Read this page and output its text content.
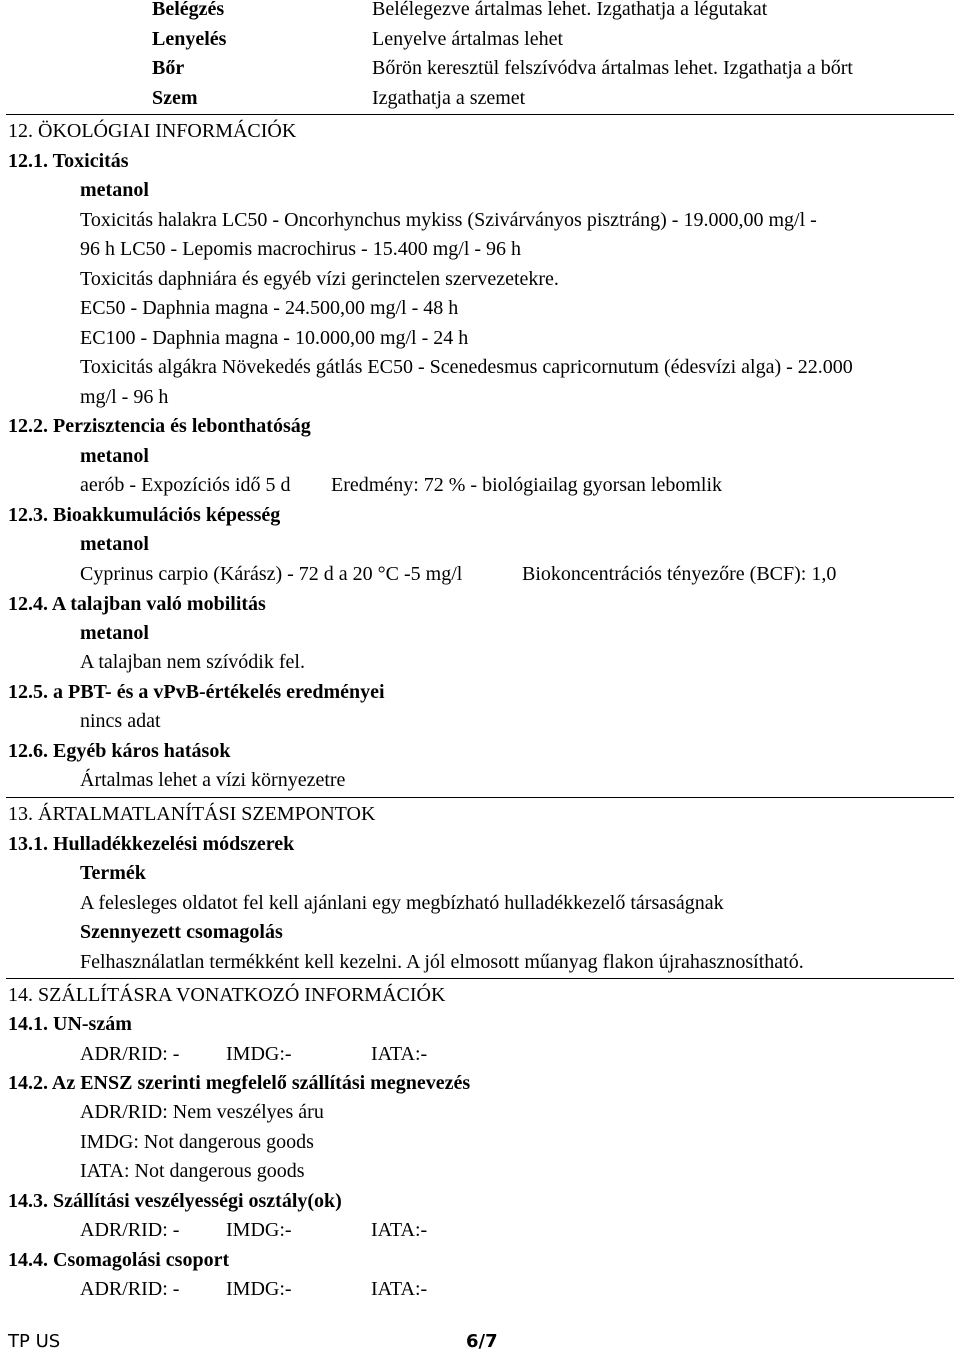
Belégzés	Belélegezve ártalmas lehet. Izgathatja a légutakat
Lenyelés	Lenyelve ártalmas lehet
Bőr	Bőrön keresztül felszívódva ártalmas lehet. Izgathatja a bőrt
Szem	Izgathatja a szemet
12. ÖKOLÓGIAI INFORMÁCIÓK
12.1. Toxicitás
metanol
Toxicitás halakra LC50 - Oncorhynchus mykiss (Szivárványos pisztráng) - 19.000,00 mg/l -
96 h LC50 - Lepomis macrochirus - 15.400 mg/l - 96 h
Toxicitás daphniára és egyéb vízi gerinctelen szervezetekre.
EC50 - Daphnia magna - 24.500,00 mg/l - 48 h
EC100 - Daphnia magna - 10.000,00 mg/l - 24 h
Toxicitás algákra Növekedés gátlás EC50 - Scenedesmus capricornutum (édesvízi alga) - 22.000
mg/l - 96 h
12.2. Perzisztencia és lebonthatóság
metanol
aerób - Expozíciós idő 5 d Eredmény: 72 % - biológiailag gyorsan lebomlik
12.3. Bioakkumulációs képesség
metanol
Cyprinus carpio (Kárász) - 72 d a 20 °C -5 mg/l	Biokoncentrációs tényezőre (BCF): 1,0
12.4. A talajban való mobilitás
metanol
A talajban nem szívódik fel.
12.5. a PBT- és a vPvB-értékelés eredményei
nincs adat
12.6. Egyéb káros hatások
Ártalmas lehet a vízi környezetre
13. ÁRTALMATLANÍTÁSI SZEMPONTOK
13.1. Hulladékkezelési módszerek
Termék
A felesleges oldatot fel kell ajánlani egy megbízható hulladékkezelő társaságnak
Szennyezett csomagolás
Felhasználatlan termékként kell kezelni. A jól elmosott műanyag flakon újrahasznosítható.
14. SZÁLLÍTÁSRA VONATKOZÓ INFORMÁCIÓK
14.1. UN-szám
ADR/RID: - IMDG:-	IATA:-
14.2. Az ENSZ szerinti megfelelő szállítási megnevezés
ADR/RID: Nem veszélyes áru
IMDG: Not dangerous goods
IATA: Not dangerous goods
14.3. Szállítási veszélyességi osztály(ok)
ADR/RID: - IMDG:-	IATA:-
14.4. Csomagolási csoport
ADR/RID: - IMDG:-	IATA:-
TP US	6/7
